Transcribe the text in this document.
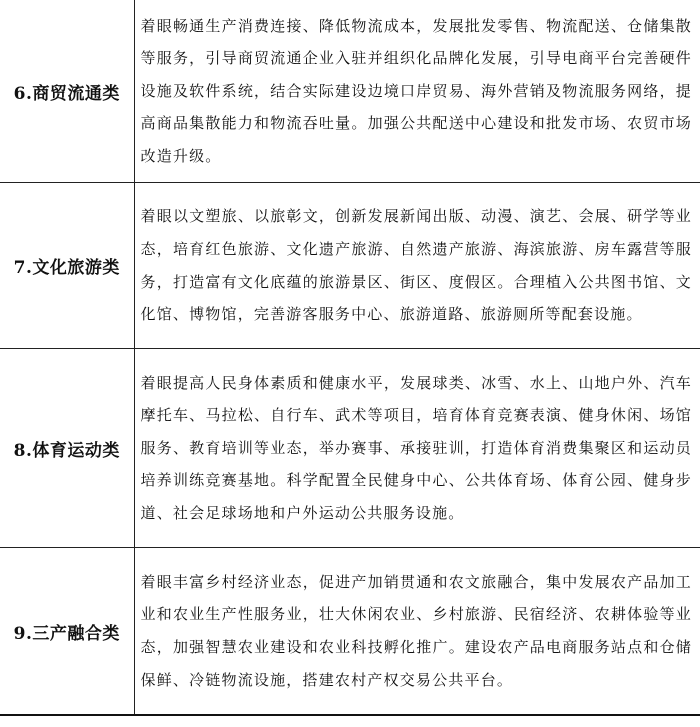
6.商贸流通类	着眼畅通生产消费连接、降低物流成本，发展批发零售、物流配送、仓储集散等服务，引导商贸流通企业入驻并组织化品牌化发展，引导电商平台完善硬件设施及软件系统，结合实际建设边境口岸贸易、海外营销及物流服务网络，提高商品集散能力和物流吞吐量。加强公共配送中心建设和批发市场、农贸市场改造升级。

7.文化旅游类	着眼以文塑旅、以旅彰文，创新发展新闻出版、动漫、演艺、会展、研学等业态，培育红色旅游、文化遗产旅游、自然遗产旅游、海滨旅游、房车露营等服务，打造富有文化底蕴的旅游景区、街区、度假区。合理植入公共图书馆、文化馆、博物馆，完善游客服务中心、旅游道路、旅游厕所等配套设施。

8.体育运动类	着眼提高人民身体素质和健康水平，发展球类、冰雪、水上、山地户外、汽车摩托车、马拉松、自行车、武术等项目，培育体育竞赛表演、健身休闲、场馆服务、教育培训等业态，举办赛事、承接驻训，打造体育消费集聚区和运动员培养训练竞赛基地。科学配置全民健身中心、公共体育场、体育公园、健身步道、社会足球场地和户外运动公共服务设施。

9.三产融合类	着眼丰富乡村经济业态，促进产加销贯通和农文旅融合，集中发展农产品加工业和农业生产性服务业，壮大休闲农业、乡村旅游、民宿经济、农耕体验等业态，加强智慧农业建设和农业科技孵化推广。建设农产品电商服务站点和仓储保鲜、冷链物流设施，搭建农村产权交易公共平台。
